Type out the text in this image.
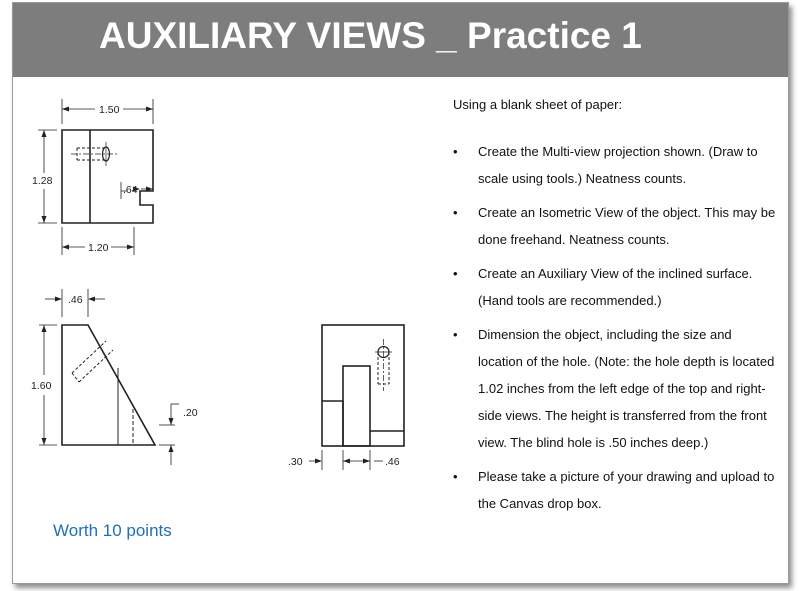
AUXILIARY VIEWS _ Practice 1
1.50
1.28
.64
1.20
.46
1.60
.20
.30	.46

Using a blank sheet of paper:

• Create the Multi-view projection shown. (Draw to scale using tools.) Neatness counts.
• Create an Isometric View of the object. This may be done freehand. Neatness counts.
• Create an Auxiliary View of the inclined surface. (Hand tools are recommended.)
• Dimension the object, including the size and location of the hole. (Note: the hole depth is located 1.02 inches from the left edge of the top and right-side views. The height is transferred from the front view. The blind hole is .50 inches deep.)
• Please take a picture of your drawing and upload to the Canvas drop box.
Worth 10 points
